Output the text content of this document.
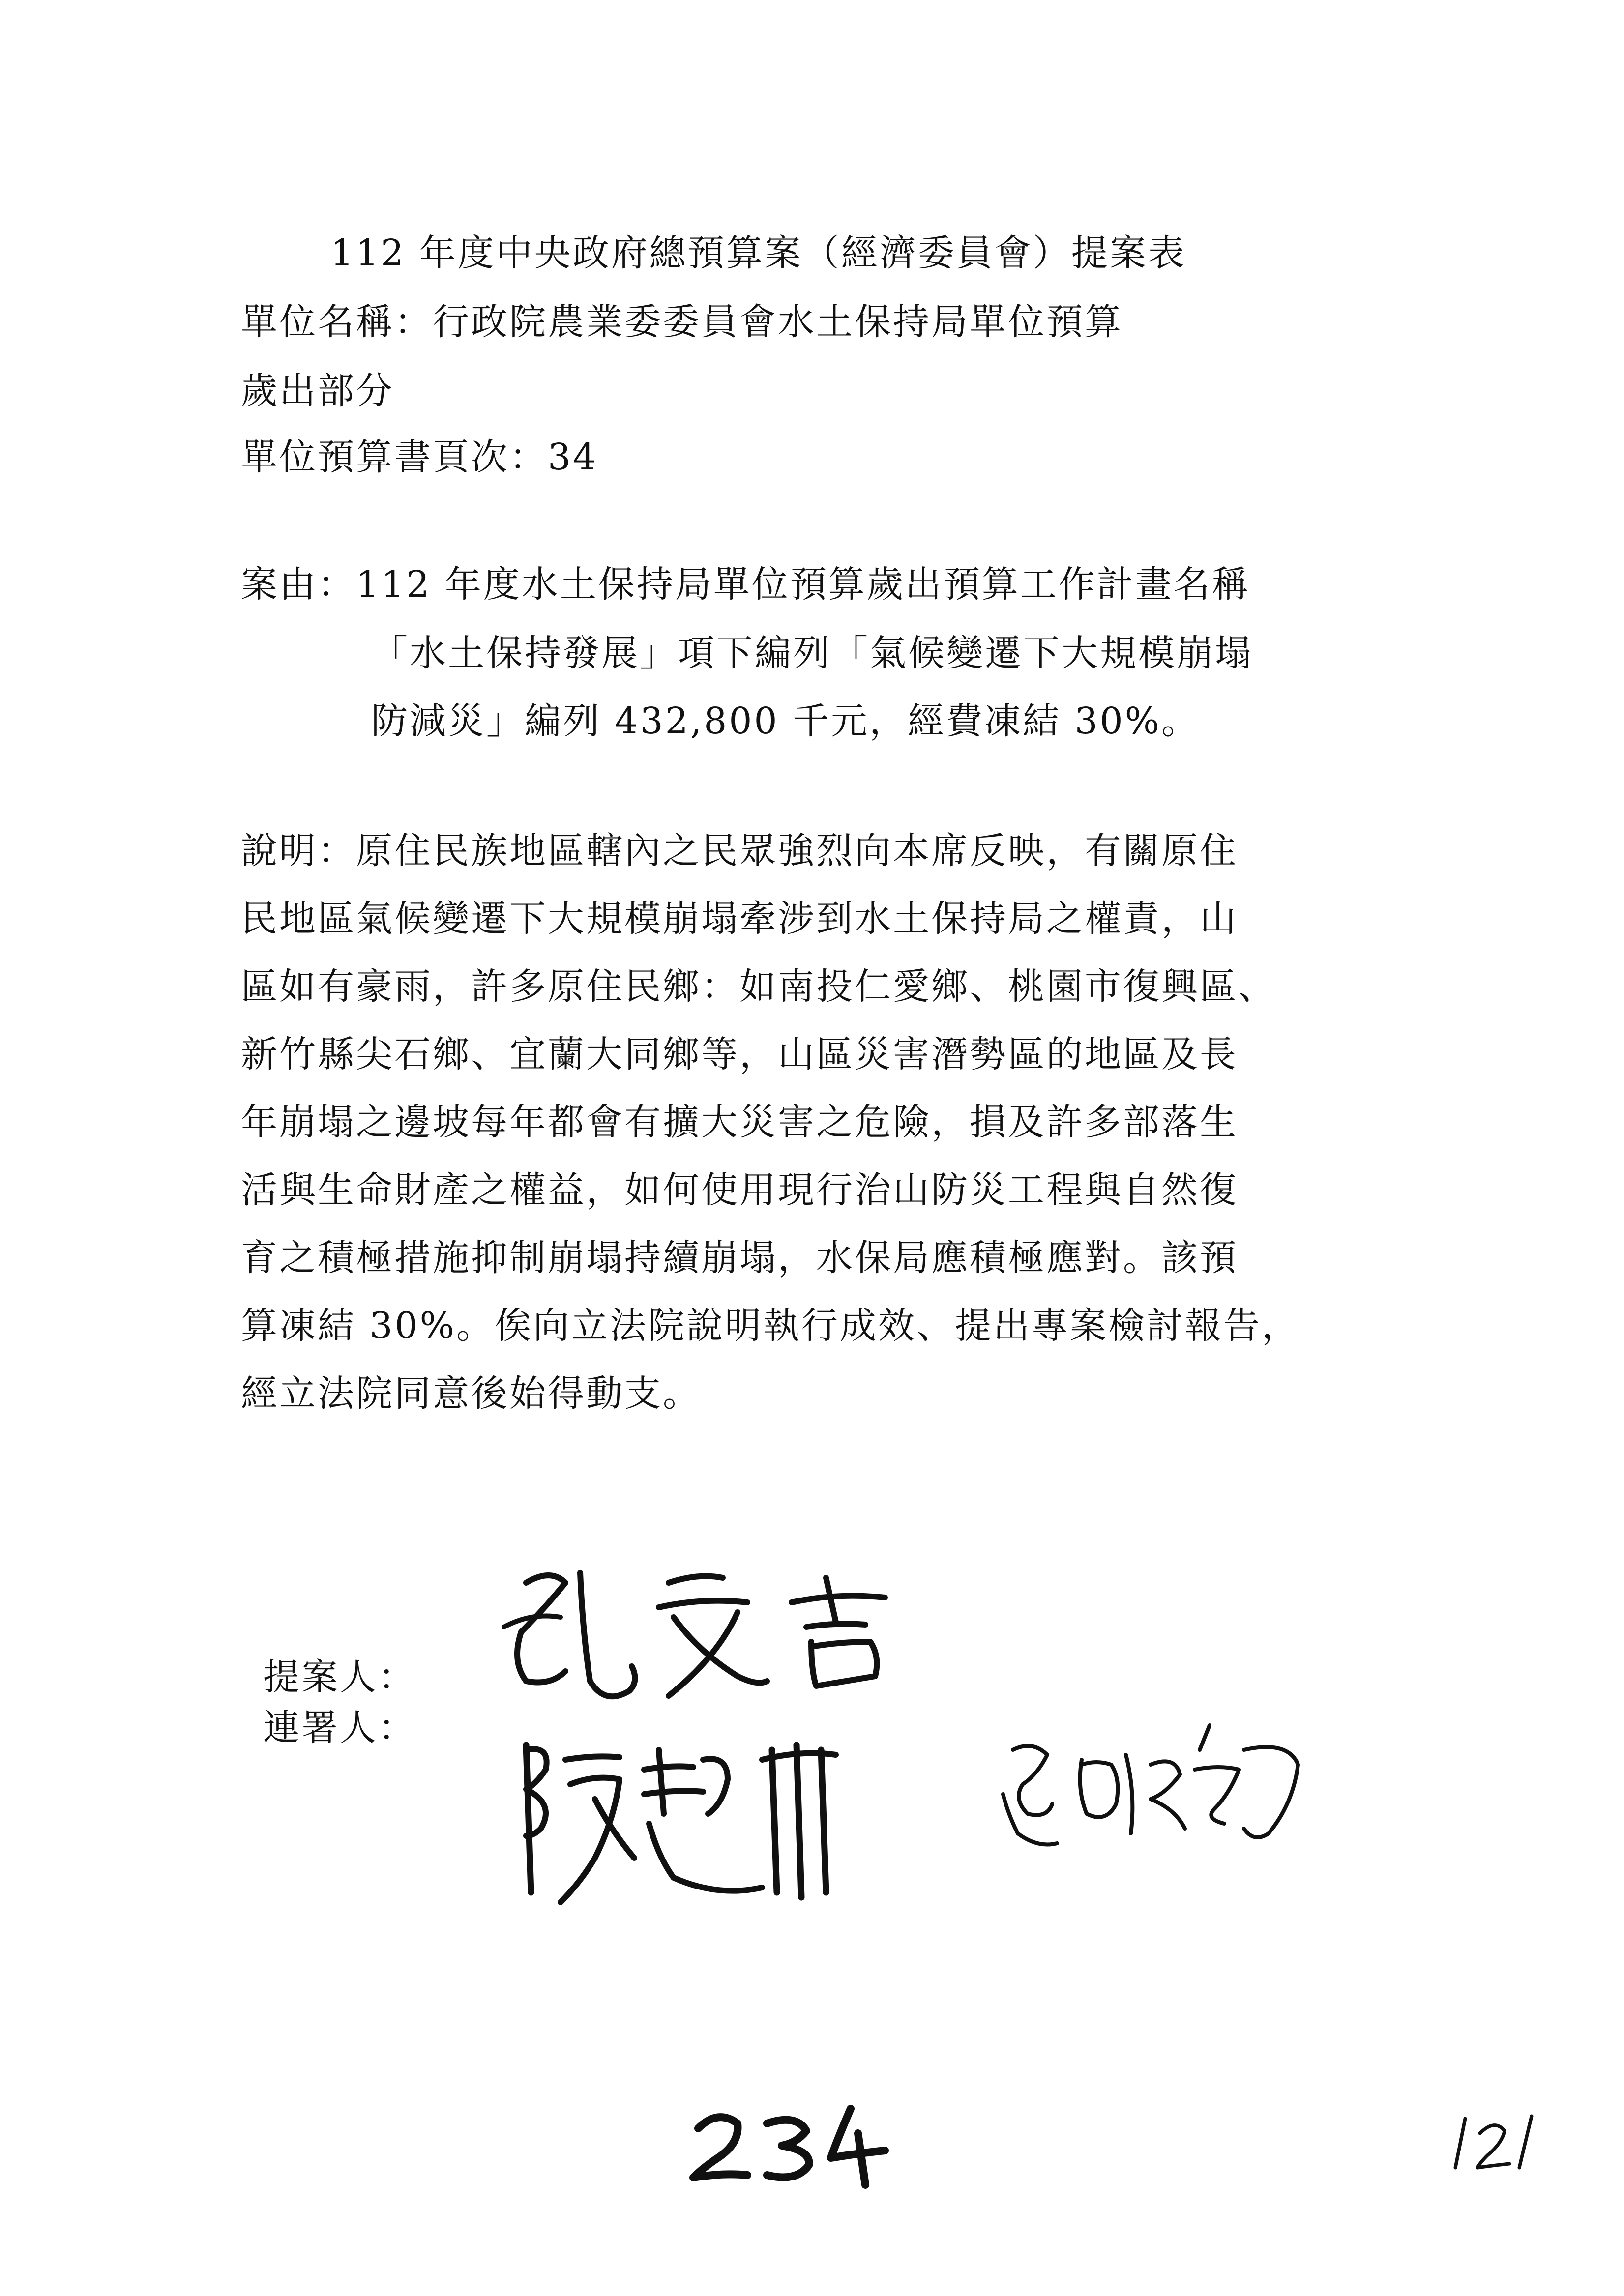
112 年度中央政府總預算案（經濟委員會）提案表
單位名稱：行政院農業委委員會水土保持局單位預算
歲出部分
單位預算書頁次：34
案由：112 年度水土保持局單位預算歲出預算工作計畫名稱
「水土保持發展」項下編列「氣候變遷下大規模崩塌
防減災」編列 432,800 千元，經費凍結 30%。
說明：原住民族地區轄內之民眾強烈向本席反映，有關原住
民地區氣候變遷下大規模崩塌牽涉到水土保持局之權責，山
區如有豪雨，許多原住民鄉：如南投仁愛鄉、桃園市復興區、
新竹縣尖石鄉、宜蘭大同鄉等，山區災害潛勢區的地區及長
年崩塌之邊坡每年都會有擴大災害之危險，損及許多部落生
活與生命財產之權益，如何使用現行治山防災工程與自然復
育之積極措施抑制崩塌持續崩塌，水保局應積極應對。該預
算凍結 30%。俟向立法院說明執行成效、提出專案檢討報告，
經立法院同意後始得動支。
提案人：
連署人：
